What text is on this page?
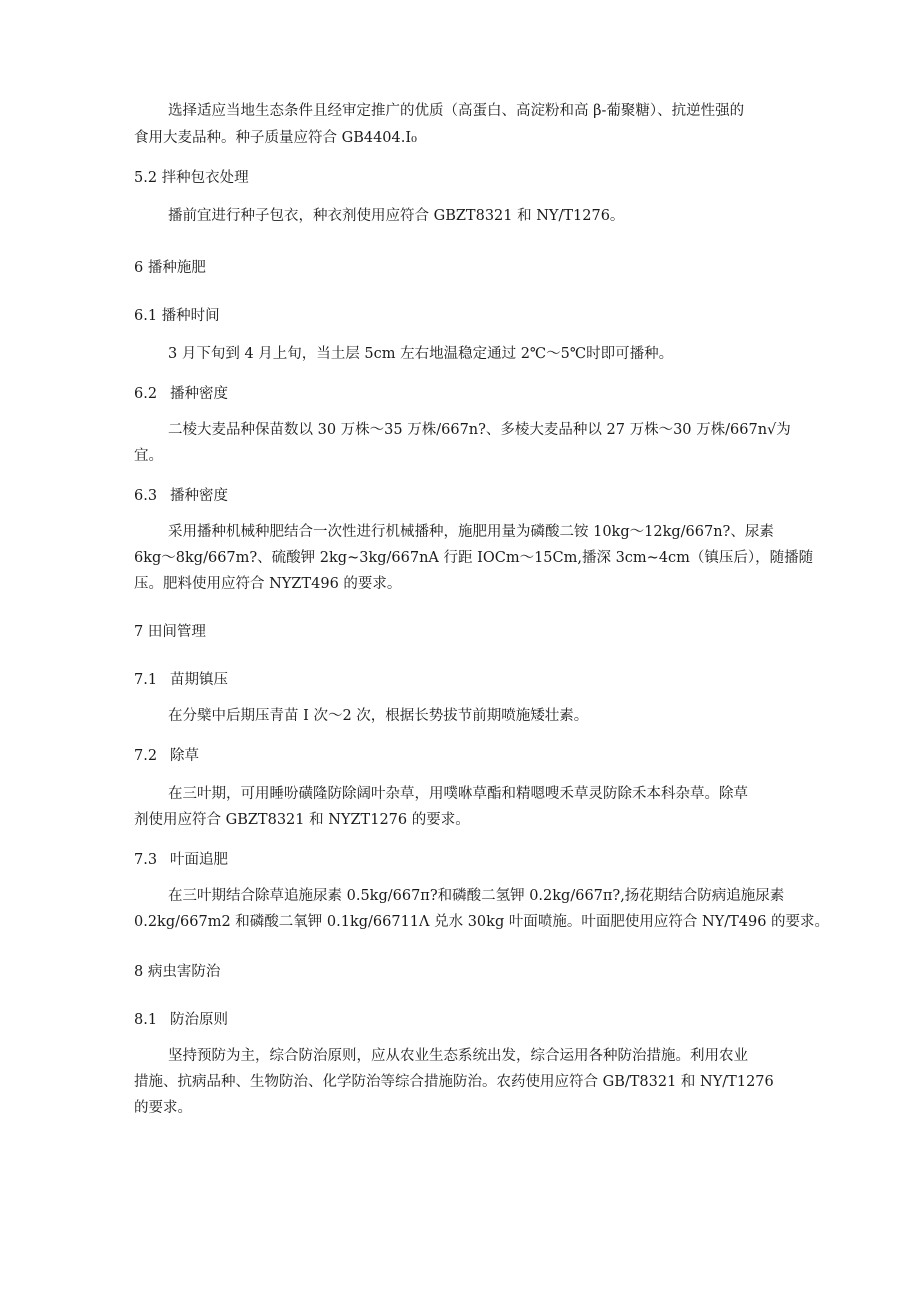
选择适应当地生态条件且经审定推广的优质（高蛋白、高淀粉和高 β-葡聚糖）、抗逆性强的
食用大麦品种。种子质量应符合 GB4404.I₀
5.2 拌种包衣处理
播前宜进行种子包衣，种衣剂使用应符合 GBZT8321 和 NY/T1276。
6 播种施肥
6.1 播种时间
3 月下旬到 4 月上旬，当土层 5cm 左右地温稳定通过 2℃～5℃时即可播种。
6.2 播种密度
二棱大麦品种保苗数以 30 万株～35 万株/667n?、多棱大麦品种以 27 万株～30 万株/667n√为
宜。
6.3 播种密度
采用播种机械种肥结合一次性进行机械播种，施肥用量为磷酸二铵 10kg～12kg/667n?、尿素
6kg～8kg/667m?、硫酸钾 2kg~3kg/667nA 行距 IOCm～15Cm,播深 3cm~4cm（镇压后），随播随
压。肥料使用应符合 NYZT496 的要求。
7 田间管理
7.1 苗期镇压
在分檗中后期压青苗 I 次～2 次，根据长势拔节前期喷施矮壮素。
7.2 除草
在三叶期，可用睡吩磺隆防除阔叶杂草，用噗咻草酯和精嗯嗖禾草灵防除禾本科杂草。除草
剂使用应符合 GBZT8321 和 NYZT1276 的要求。
7.3 叶面追肥
在三叶期结合除草追施尿素 0.5kg/667π?和磷酸二氢钾 0.2kg/667π?,扬花期结合防病追施尿素
0.2kg/667m2 和磷酸二氧钾 0.1kg/66711Λ 兑水 30kg 叶面喷施。叶面肥使用应符合 NY/T496 的要求。
8 病虫害防治
8.1 防治原则
坚持预防为主，综合防治原则，应从农业生态系统出发，综合运用各种防治措施。利用农业
措施、抗病品种、生物防治、化学防治等综合措施防治。农药使用应符合 GB/T8321 和 NY/T1276
的要求。
